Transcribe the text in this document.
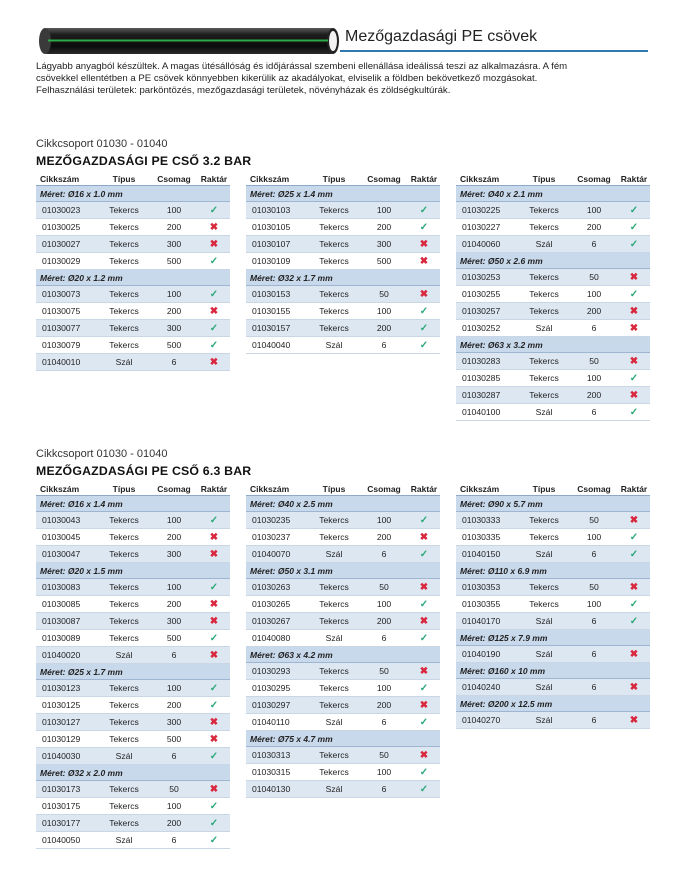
Mezőgazdasági PE csövek
Lágyabb anyagból készültek. A magas ütésállóság és időjárással szembeni ellenállása ideálissá teszi az alkalmazásra. A fém
csövekkel ellentétben a PE csövek könnyebben kikerülik az akadályokat, elviselik a földben bekövetkező mozgásokat.
Felhasználási területek: parköntözés, mezőgazdasági területek, növényházak és zöldségkultúrák.
Cikkcsoport 01030 - 01040
MEZŐGAZDASÁGI PE CSŐ 3.2 BAR
Cikkszám	Típus	Csomag	Raktár
Méret: Ø16 x 1.0 mm
01030023	Tekercs	100	✓
01030025	Tekercs	200	✖
01030027	Tekercs	300	✖
01030029	Tekercs	500	✓
Méret: Ø20 x 1.2 mm
01030073	Tekercs	100	✓
01030075	Tekercs	200	✖
01030077	Tekercs	300	✓
01030079	Tekercs	500	✓
01040010	Szál	6	✖
Cikkszám	Típus	Csomag	Raktár
Méret: Ø25 x 1.4 mm
01030103	Tekercs	100	✓
01030105	Tekercs	200	✓
01030107	Tekercs	300	✖
01030109	Tekercs	500	✖
Méret: Ø32 x 1.7 mm
01030153	Tekercs	50	✖
01030155	Tekercs	100	✓
01030157	Tekercs	200	✓
01040040	Szál	6	✓
Cikkszám	Típus	Csomag	Raktár
Méret: Ø40 x 2.1 mm
01030225	Tekercs	100	✓
01030227	Tekercs	200	✓
01040060	Szál	6	✓
Méret: Ø50 x 2.6 mm
01030253	Tekercs	50	✖
01030255	Tekercs	100	✓
01030257	Tekercs	200	✖
01030252	Szál	6	✖
Méret: Ø63 x 3.2 mm
01030283	Tekercs	50	✖
01030285	Tekercs	100	✓
01030287	Tekercs	200	✖
01040100	Szál	6	✓
Cikkcsoport 01030 - 01040
MEZŐGAZDASÁGI PE CSŐ 6.3 BAR
Cikkszám	Típus	Csomag	Raktár
Méret: Ø16 x 1.4 mm
01030043	Tekercs	100	✓
01030045	Tekercs	200	✖
01030047	Tekercs	300	✖
Méret: Ø20 x 1.5 mm
01030083	Tekercs	100	✓
01030085	Tekercs	200	✖
01030087	Tekercs	300	✖
01030089	Tekercs	500	✓
01040020	Szál	6	✖
Méret: Ø25 x 1.7 mm
01030123	Tekercs	100	✓
01030125	Tekercs	200	✓
01030127	Tekercs	300	✖
01030129	Tekercs	500	✖
01040030	Szál	6	✓
Méret: Ø32 x 2.0 mm
01030173	Tekercs	50	✖
01030175	Tekercs	100	✓
01030177	Tekercs	200	✓
01040050	Szál	6	✓
Cikkszám	Típus	Csomag	Raktár
Méret: Ø40 x 2.5 mm
01030235	Tekercs	100	✓
01030237	Tekercs	200	✖
01040070	Szál	6	✓
Méret: Ø50 x 3.1 mm
01030263	Tekercs	50	✖
01030265	Tekercs	100	✓
01030267	Tekercs	200	✖
01040080	Szál	6	✓
Méret: Ø63 x 4.2 mm
01030293	Tekercs	50	✖
01030295	Tekercs	100	✓
01030297	Tekercs	200	✖
01040110	Szál	6	✓
Méret: Ø75 x 4.7 mm
01030313	Tekercs	50	✖
01030315	Tekercs	100	✓
01040130	Szál	6	✓
Cikkszám	Típus	Csomag	Raktár
Méret: Ø90 x 5.7 mm
01030333	Tekercs	50	✖
01030335	Tekercs	100	✓
01040150	Szál	6	✓
Méret: Ø110 x 6.9 mm
01030353	Tekercs	50	✖
01030355	Tekercs	100	✓
01040170	Szál	6	✓
Méret: Ø125 x 7.9 mm
01040190	Szál	6	✖
Méret: Ø160 x 10 mm
01040240	Szál	6	✖
Méret: Ø200 x 12.5 mm
01040270	Szál	6	✖
